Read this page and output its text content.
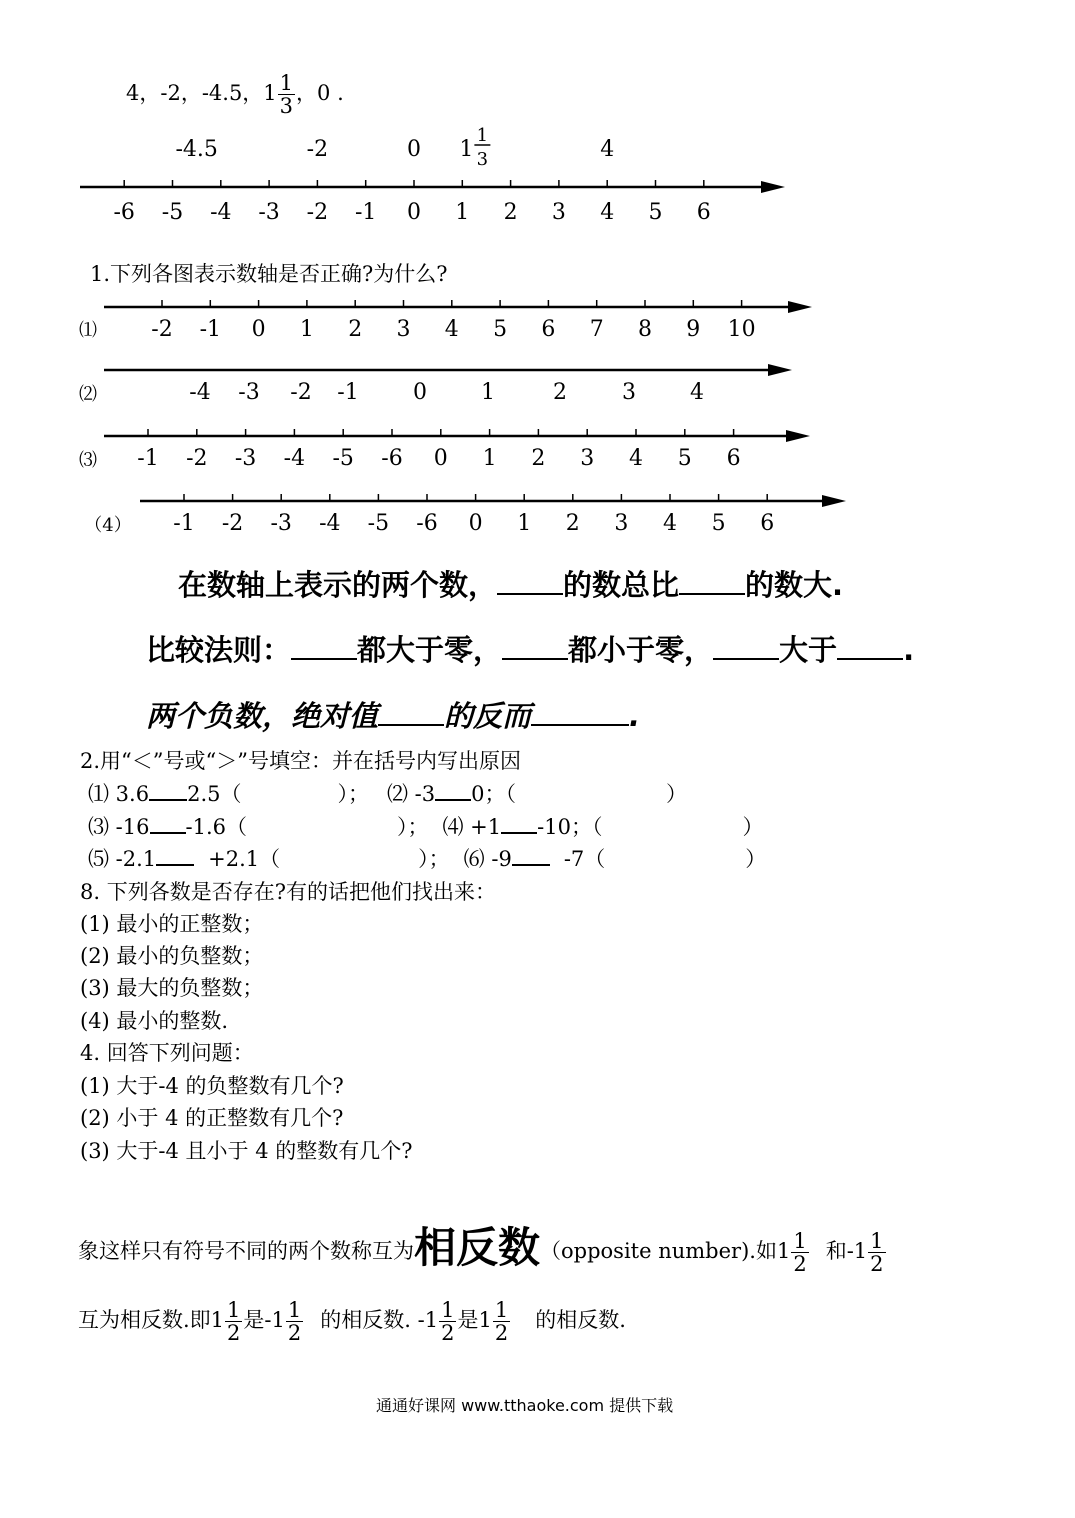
4，-2，-4.5，$1 \frac{1}{3}$ ，0 .
-6 -5 -4 -3 -2 -1 0 1 2 3 4 5 6
-4.5	-2	0 1
1
3	4
1.下列各图表示数轴是否正确?为什么?
⑴ -2 -1 0 1 2 3 4 5 6 7 8 9 10
⑵	-4 -3 -2 -1 0 1	2	3 4
⑶ -1 -2 -3 -4 -5 -6 0 1 2 3 4 5 6
（4） -1 -2 -3 -4 -5 -6 0 1 2 3 4 5 6
在数轴上表示的两个数， 的数总比 的数大.
比较法则： 都大于零， 都小于零， 大于 .
两个负数，绝对值 的反而	.
2.用“＜”号或“＞”号填空：并在括号内写出原因
⑴ 3.6 2.5（	）； ⑵ -3 0；（	）
⑶ -16 -1.6（	）； ⑷ +1 -10；（	）
⑸ -2.1 +2.1（	）； ⑹ -9 -7（	）
8. 下列各数是否存在?有的话把他们找出来：
(1) 最小的正整数；
(2) 最小的负整数；
(3) 最大的负整数；
(4) 最小的整数.
4. 回答下列问题：
(1) 大于-4 的负整数有几个?
(2) 小于 4 的正整数有几个?
(3) 大于-4 且小于 4 的整数有几个?
象这样只有符号不同的两个数称互为相反数（opposite number).如$1 \frac{1}{2}$ 和$-1 \frac{1}{2}$
互为相反数.即$1 \frac{1}{2}$ 是$-1 \frac{1}{2}$ 的相反数. $-1 \frac{1}{2}$ 是$1 \frac{1}{2}$ 的相反数.
通通好课网 www.tthaoke.com 提供下载
